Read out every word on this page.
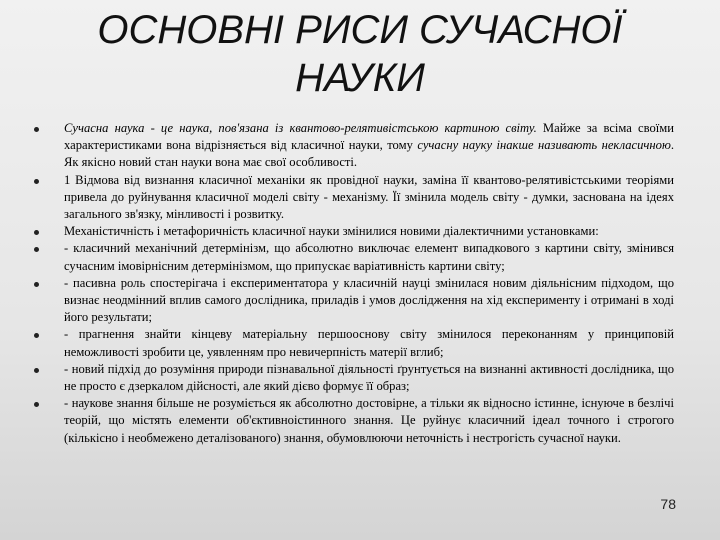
ОСНОВНІ РИСИ СУЧАСНОЇ НАУКИ
Сучасна наука - це наука, пов'язана із квантово-релятивістською картиною світу. Майже за всіма своїми характеристиками вона відрізняється від класичної науки, тому сучасну науку інакше називають некласичною. Як якісно новий стан науки вона має свої особливості.
1 Відмова від визнання класичної механіки як провідної науки, заміна її квантово-релятивістськими теоріями привела до руйнування класичної моделі світу - механізму. Її змінила модель світу - думки, заснована на ідеях загального зв'язку, мінливості і розвитку.
Механістичність і метафоричність класичної науки змінилися новими діалектичними установками:
- класичний механічний детермінізм, що абсолютно виключає елемент випадкового з картини світу, змінився сучасним імовірнісним детермінізмом, що припускає варіативність картини світу;
- пасивна роль спостерігача і експериментатора у класичній науці змінилася новим діяльнісним підходом, що визнає неодмінний вплив самого дослідника, приладів і умов дослідження на хід експерименту і отримані в ході його результати;
- прагнення знайти кінцеву матеріальну першооснову світу змінилося переконанням у принциповій неможливості зробити це, уявленням про невичерпність матерії вглиб;
- новий підхід до розуміння природи пізнавальної діяльності ґрунтується на визнанні активності дослідника, що не просто є дзеркалом дійсності, але який дієво формує її образ;
- наукове знання більше не розуміється як абсолютно достовірне, а тільки як відносно істинне, існуюче в безлічі теорій, що містять елементи об'єктивноістинного знання. Це руйнує класичний ідеал точного і строгого (кількісно і необмежено деталізованого) знання, обумовлюючи неточність і нестрогість сучасної науки.
78
